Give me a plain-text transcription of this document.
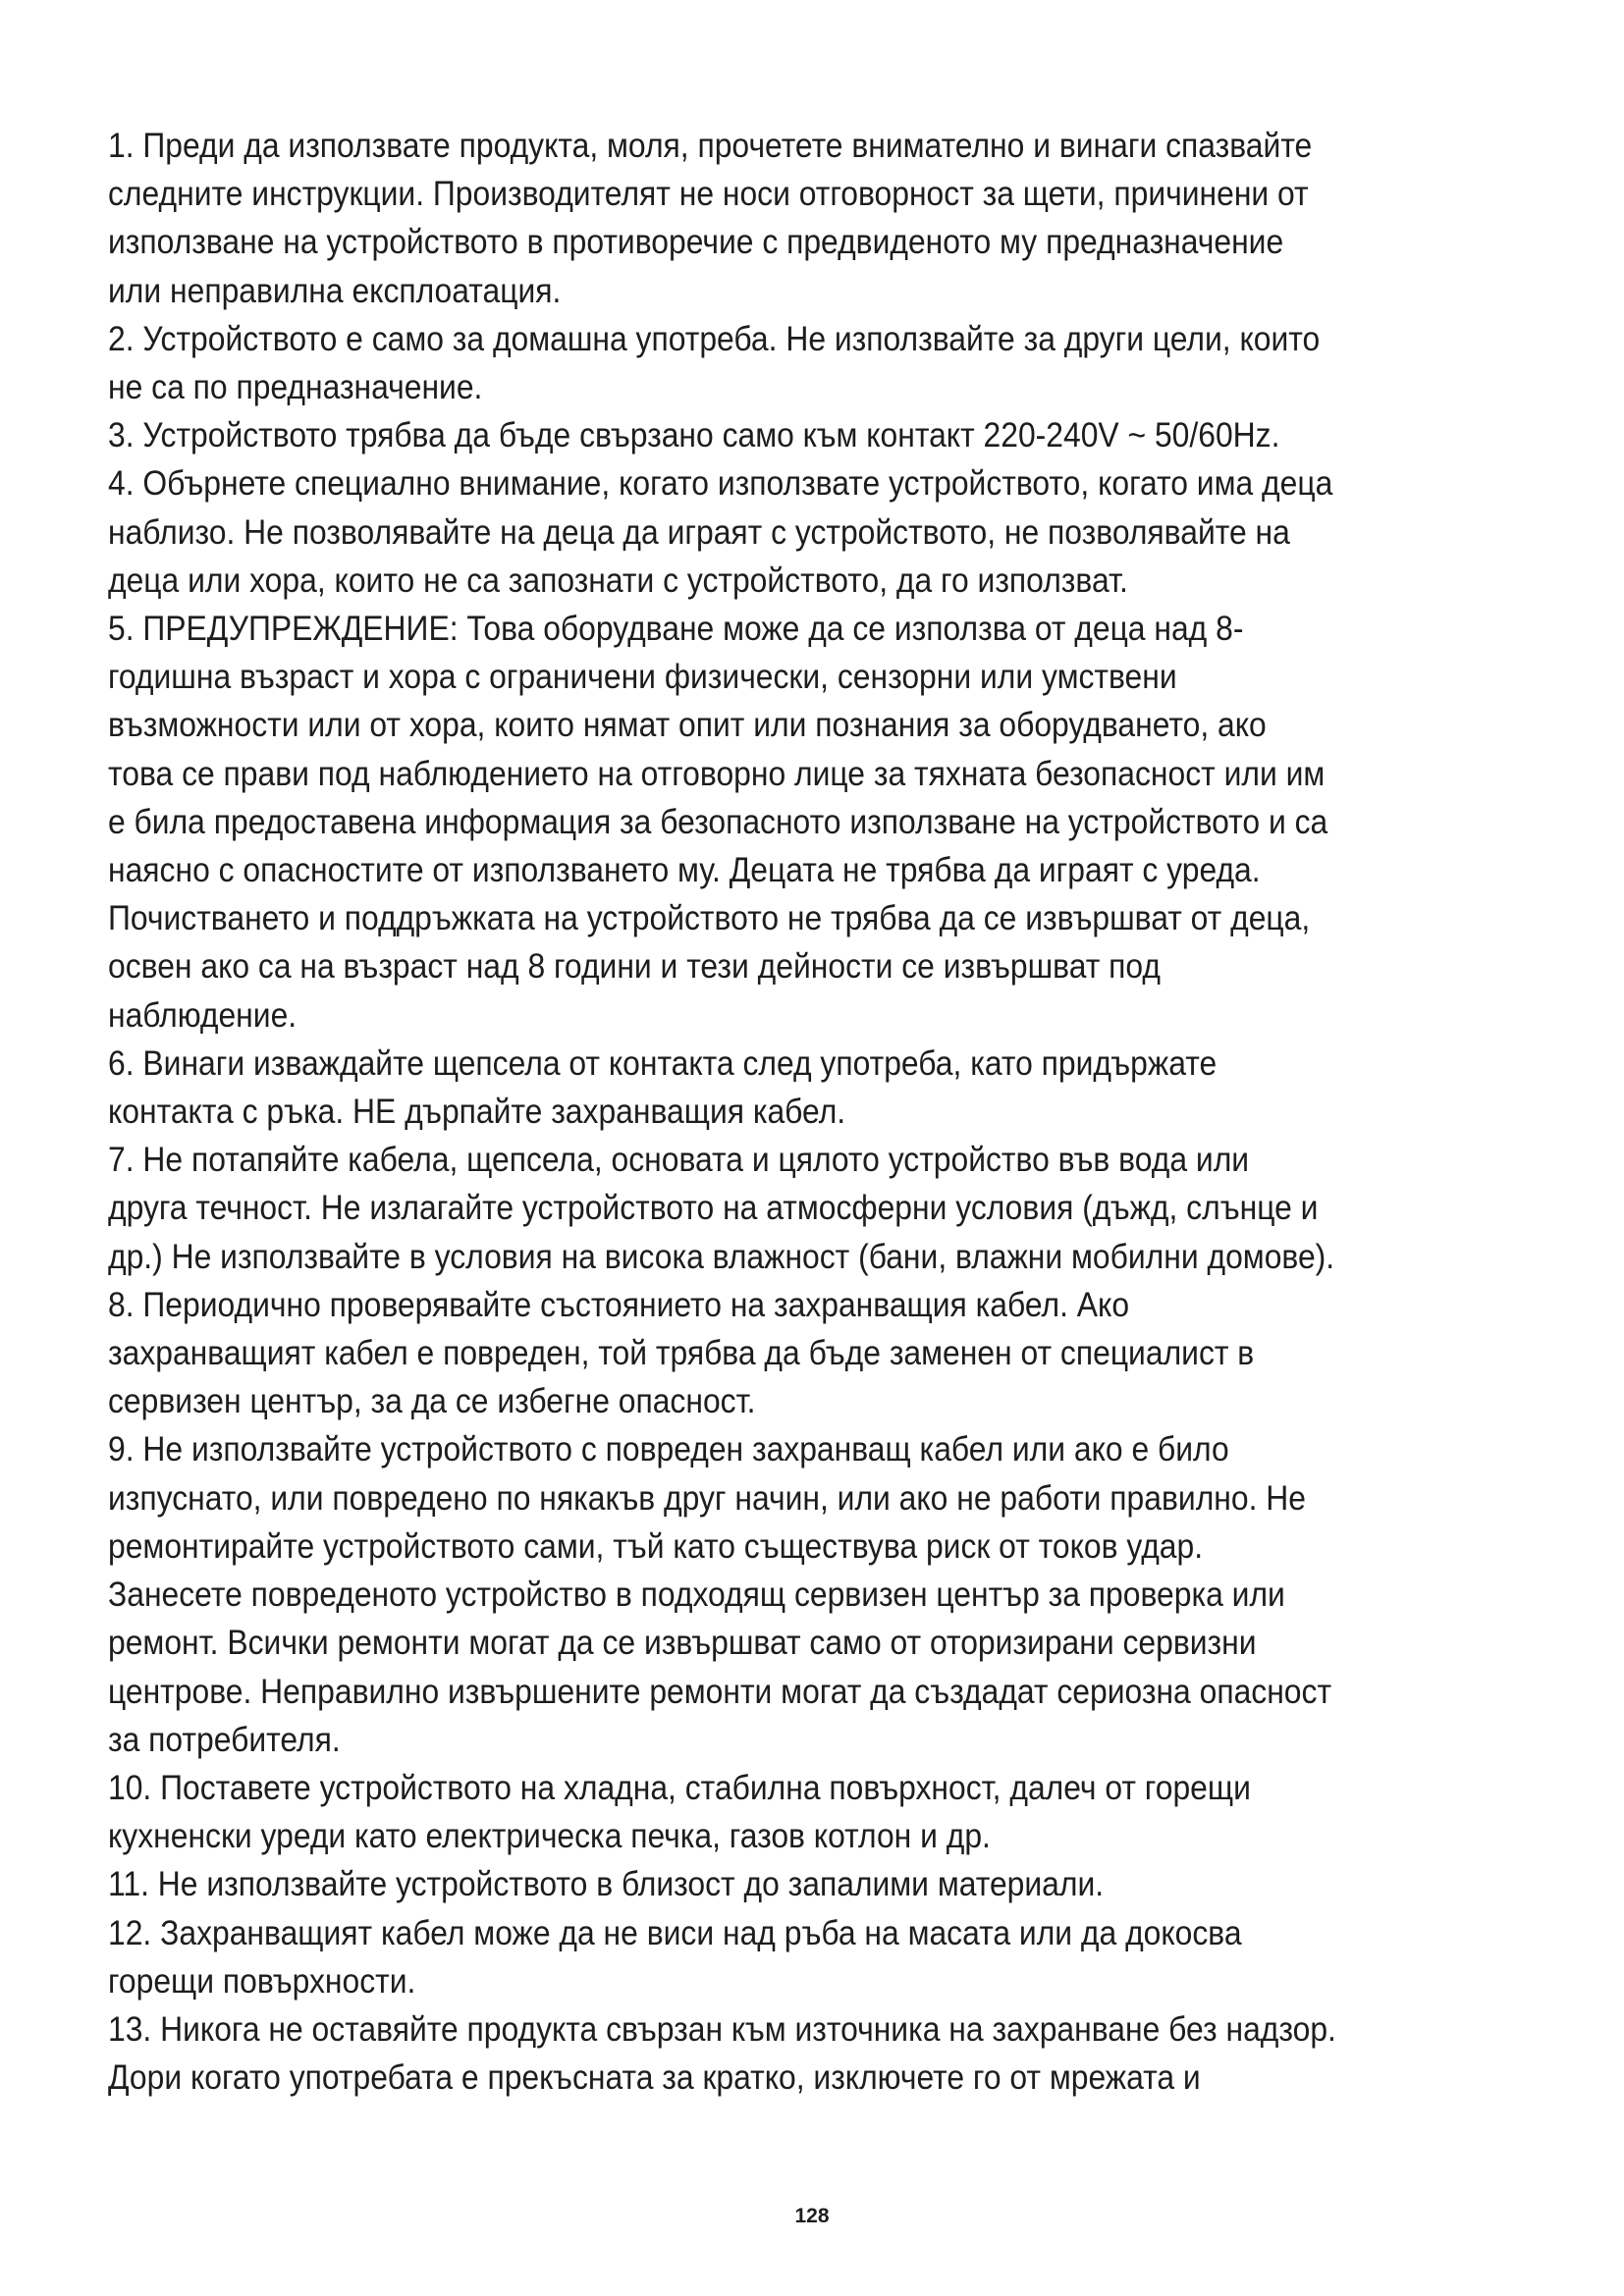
1. Преди да използвате продукта, моля, прочетете внимателно и винаги спазвайте

следните инструкции. Производителят не носи отговорност за щети, причинени от

използване на устройството в противоречие с предвиденото му предназначение

или неправилна експлоатация.

2. Устройството е само за домашна употреба. Не използвайте за други цели, които

не са по предназначение.

3. Устройството трябва да бъде свързано само към контакт 220-240V ~ 50/60Hz.

4. Обърнете специално внимание, когато използвате устройството, когато има деца

наблизо. Не позволявайте на деца да играят с устройството, не позволявайте на

деца или хора, които не са запознати с устройството, да го използват.

5. ПРЕДУПРЕЖДЕНИЕ: Това оборудване може да се използва от деца над 8-

годишна възраст и хора с ограничени физически, сензорни или умствени

възможности или от хора, които нямат опит или познания за оборудването, ако

това се прави под наблюдението на отговорно лице за тяхната безопасност или им

е била предоставена информация за безопасното използване на устройството и са

наясно с опасностите от използването му. Децата не трябва да играят с уреда.

Почистването и поддръжката на устройството не трябва да се извършват от деца,

освен ако са на възраст над 8 години и тези дейности се извършват под

наблюдение.

6. Винаги изваждайте щепсела от контакта след употреба, като придържате

контакта с ръка. НЕ дърпайте захранващия кабел.

7. Не потапяйте кабела, щепсела, основата и цялото устройство във вода или

друга течност. Не излагайте устройството на атмосферни условия (дъжд, слънце и

др.) Не използвайте в условия на висока влажност (бани, влажни мобилни домове).

8. Периодично проверявайте състоянието на захранващия кабел. Ако

захранващият кабел е повреден, той трябва да бъде заменен от специалист в

сервизен център, за да се избегне опасност.

9. Не използвайте устройството с повреден захранващ кабел или ако е било

изпуснато, или повредено по някакъв друг начин, или ако не работи правилно. Не

ремонтирайте устройството сами, тъй като съществува риск от токов удар.

Занесете повреденото устройство в подходящ сервизен център за проверка или

ремонт. Всички ремонти могат да се извършват само от оторизирани сервизни

центрове. Неправилно извършените ремонти могат да създадат сериозна опасност

за потребителя.

10. Поставете устройството на хладна, стабилна повърхност, далеч от горещи

кухненски уреди като електрическа печка, газов котлон и др.

11. Не използвайте устройството в близост до запалими материали.

12. Захранващият кабел може да не виси над ръба на масата или да докосва

горещи повърхности.

13. Никога не оставяйте продукта свързан към източника на захранване без надзор.

Дори когато употребата е прекъсната за кратко, изключете го от мрежата и

128
